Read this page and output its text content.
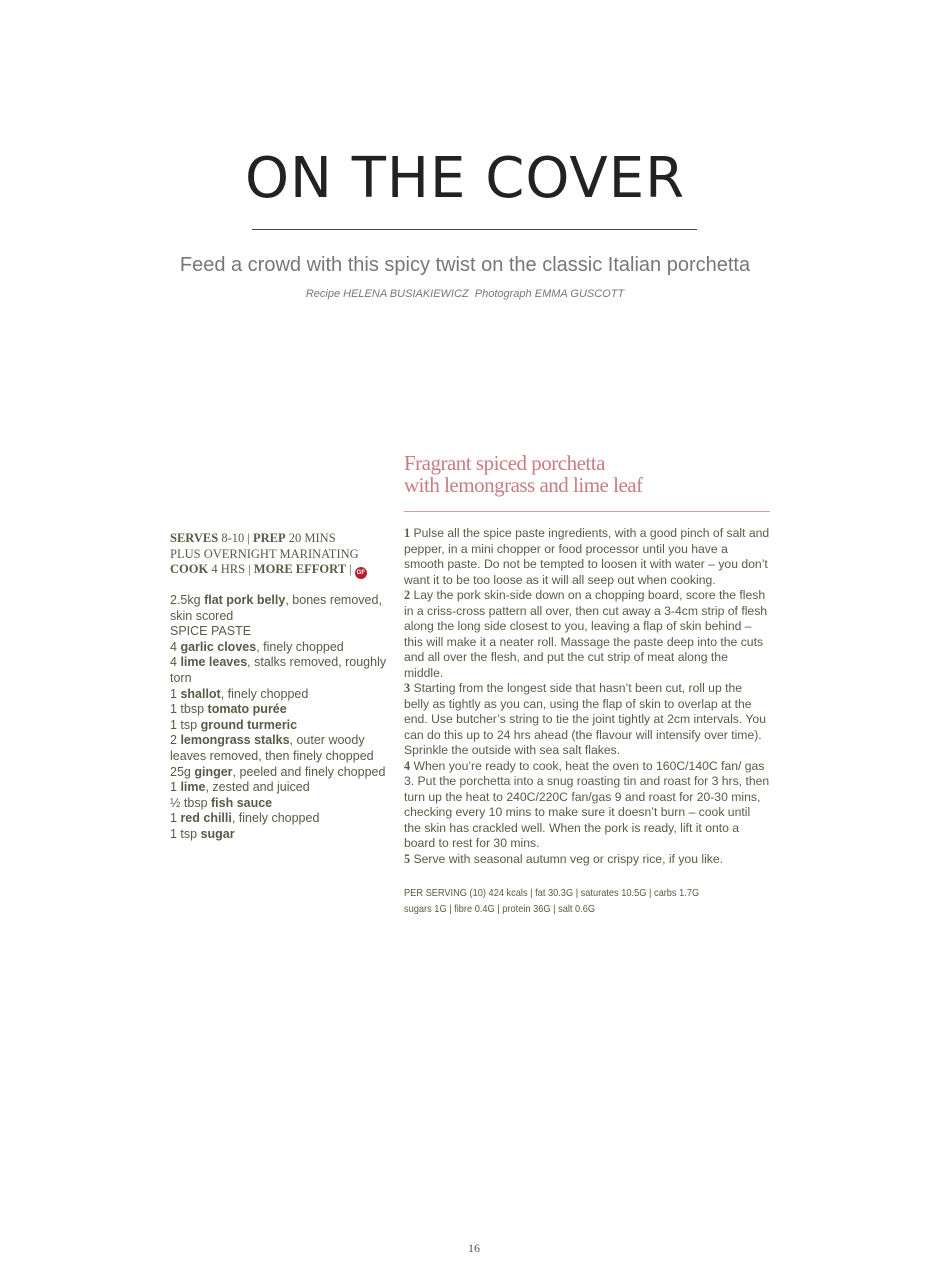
ON THE COVER
Feed a crowd with this spicy twist on the classic Italian porchetta
Recipe HELENA BUSIAKIEWICZ Photograph EMMA GUSCOTT
Fragrant spiced porchetta
with lemongrass and lime leaf
SERVES 8-10 | PREP 20 MINS
PLUS OVERNIGHT MARINATING
COOK 4 HRS | MORE EFFORT | GF
2.5kg flat pork belly, bones removed, skin scored
SPICE PASTE
4 garlic cloves, finely chopped
4 lime leaves, stalks removed, roughly torn
1 shallot, finely chopped
1 tbsp tomato purée
1 tsp ground turmeric
2 lemongrass stalks, outer woody leaves removed, then finely chopped
25g ginger, peeled and finely chopped
1 lime, zested and juiced
½ tbsp fish sauce
1 red chilli, finely chopped
1 tsp sugar

1 Pulse all the spice paste ingredients, with a good pinch of salt and pepper, in a mini chopper or food processor until you have a smooth paste. Do not be tempted to loosen it with water – you don’t want it to be too loose as it will all seep out when cooking.

2 Lay the pork skin-side down on a chopping board, score the flesh in a criss-cross pattern all over, then cut away a 3-4cm strip of flesh along the long side closest to you, leaving a flap of skin behind – this will make it a neater roll. Massage the paste deep into the cuts and all over the flesh, and put the cut strip of meat along the middle.

3 Starting from the longest side that hasn’t been cut, roll up the belly as tightly as you can, using the flap of skin to overlap at the end. Use butcher’s string to tie the joint tightly at 2cm intervals. You can do this up to 24 hrs ahead (the flavour will intensify over time). Sprinkle the outside with sea salt flakes.

4 When you’re ready to cook, heat the oven to 160C/140C fan/ gas 3. Put the porchetta into a snug roasting tin and roast for 3 hrs, then turn up the heat to 240C/220C fan/gas 9 and roast for 20-30 mins, checking every 10 mins to make sure it doesn’t burn – cook until the skin has crackled well. When the pork is ready, lift it onto a board to rest for 30 mins.

5 Serve with seasonal autumn veg or crispy rice, if you like.

PER SERVING (10) 424 kcals | fat 30.3G | saturates 10.5G | carbs 1.7G
sugars 1G | fibre 0.4G | protein 36G | salt 0.6G
16
